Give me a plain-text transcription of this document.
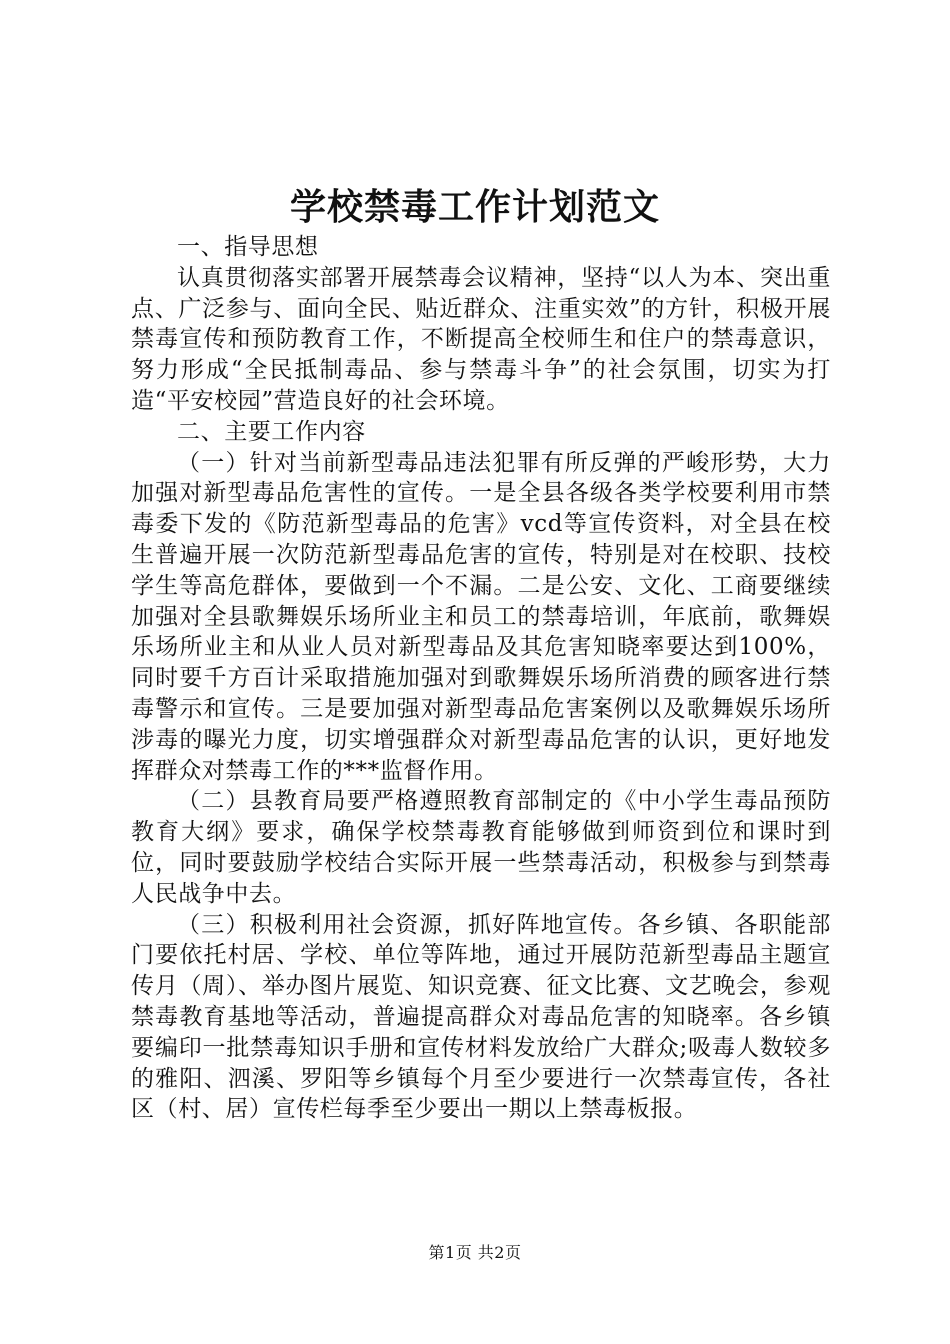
学校禁毒工作计划范文

一、指导思想

认真贯彻落实部署开展禁毒会议精神，坚持“以人为本、突出重点、广泛参与、面向全民、贴近群众、注重实效”的方针，积极开展禁毒宣传和预防教育工作，不断提高全校师生和住户的禁毒意识，努力形成“全民抵制毒品、参与禁毒斗争”的社会氛围，切实为打造“平安校园”营造良好的社会环境。

二、主要工作内容

（一）针对当前新型毒品违法犯罪有所反弹的严峻形势，大力加强对新型毒品危害性的宣传。一是全县各级各类学校要利用市禁毒委下发的《防范新型毒品的危害》vcd等宣传资料，对全县在校生普遍开展一次防范新型毒品危害的宣传，特别是对在校职、技校学生等高危群体，要做到一个不漏。二是公安、文化、工商要继续加强对全县歌舞娱乐场所业主和员工的禁毒培训，年底前，歌舞娱乐场所业主和从业人员对新型毒品及其危害知晓率要达到100%，同时要千方百计采取措施加强对到歌舞娱乐场所消费的顾客进行禁毒警示和宣传。三是要加强对新型毒品危害案例以及歌舞娱乐场所涉毒的曝光力度，切实增强群众对新型毒品危害的认识，更好地发挥群众对禁毒工作的***监督作用。

（二）县教育局要严格遵照教育部制定的《中小学生毒品预防教育大纲》要求，确保学校禁毒教育能够做到师资到位和课时到位，同时要鼓励学校结合实际开展一些禁毒活动，积极参与到禁毒人民战争中去。

（三）积极利用社会资源，抓好阵地宣传。各乡镇、各职能部门要依托村居、学校、单位等阵地，通过开展防范新型毒品主题宣传月（周）、举办图片展览、知识竞赛、征文比赛、文艺晚会，参观禁毒教育基地等活动，普遍提高群众对毒品危害的知晓率。各乡镇要编印一批禁毒知识手册和宣传材料发放给广大群众;吸毒人数较多的雅阳、泗溪、罗阳等乡镇每个月至少要进行一次禁毒宣传，各社区（村、居）宣传栏每季至少要出一期以上禁毒板报。

第1页 共2页
